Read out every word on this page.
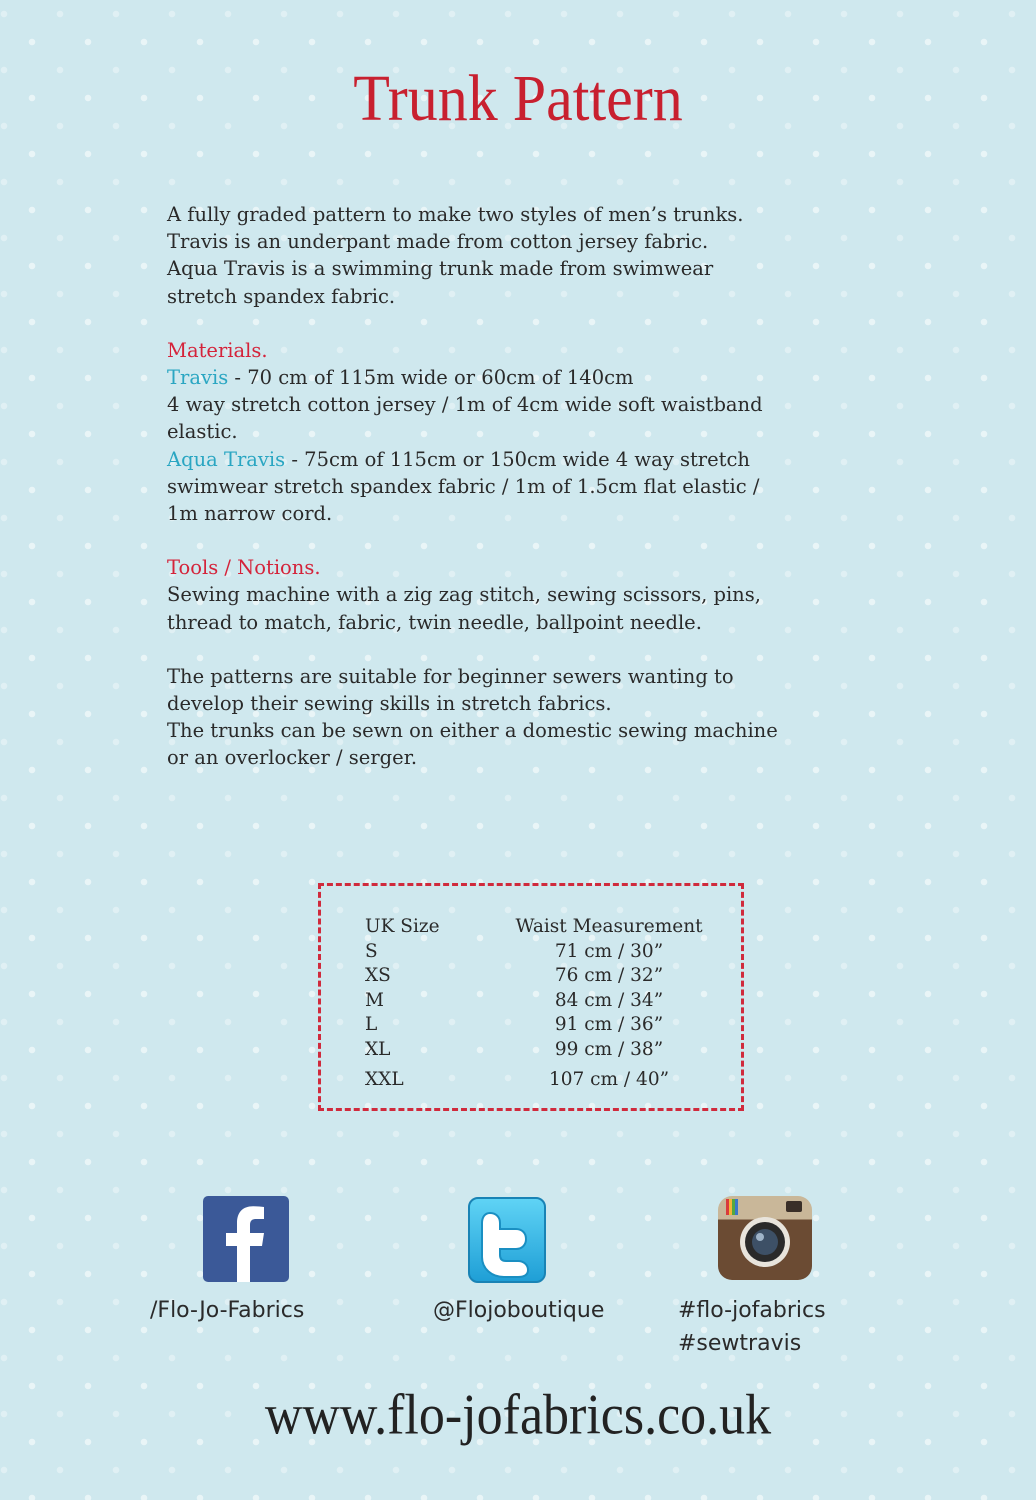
Trunk Pattern

A fully graded pattern to make two styles of men’s trunks.

Travis is an underpant made from cotton jersey fabric.

Aqua Travis is a swimming trunk made from swimwear

stretch spandex fabric.

Materials.

Travis - 70 cm of 115m wide or 60cm of 140cm

4 way stretch cotton jersey / 1m of 4cm wide soft waistband

elastic.

Aqua Travis - 75cm of 115cm or 150cm wide 4 way stretch

swimwear stretch spandex fabric / 1m of 1.5cm flat elastic /

1m narrow cord.

Tools / Notions.

Sewing machine with a zig zag stitch, sewing scissors, pins,

thread to match, fabric, twin needle, ballpoint needle.

The patterns are suitable for beginner sewers wanting to

develop their sewing skills in stretch fabrics.

The trunks can be sewn on either a domestic sewing machine

or an overlocker / serger.

UK Size	Waist Measurement
S	71 cm / 30”
XS	76 cm / 32”
M	84 cm / 34”
L	91 cm / 36”
XL	99 cm / 38”
XXL	107 cm / 40”
/Flo-Jo-Fabrics	@Flojoboutique	#flo-jofabrics
#sewtravis
www.flo-jofabrics.co.uk
